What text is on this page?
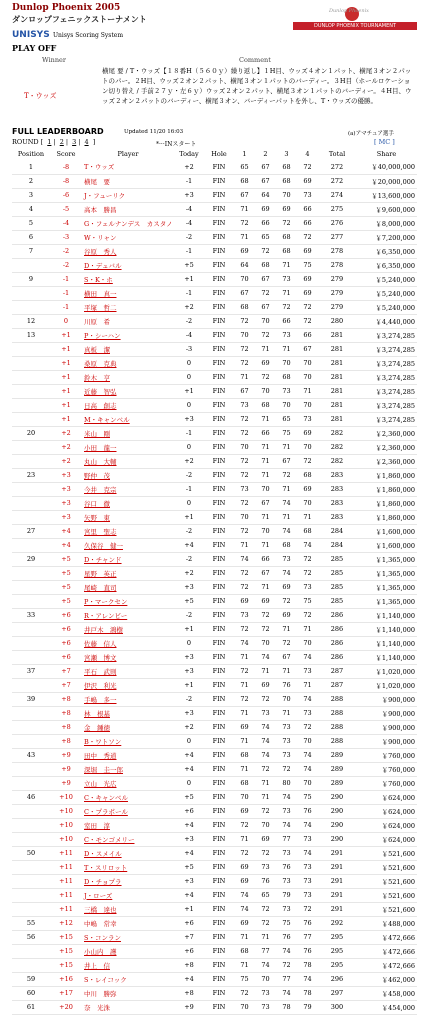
Dunlop Phoenix 2005
ダンロップフェニックストーナメント
Dunlop Phoenix
DUNLOP PHOENIX TOURNAMENT
UNISYS Unisys Scoring System
PLAY OFF
Winner	Comment
T・ウッズ
横尾 要 / T・ウッズ【１８番H（５６０ｙ）繰り返し】１H目、ウッズ４オン１パット、横尾３オン２パットのパー。２H目、ウッズ２オン２パット、横尾３オン１パットのバーディー。３H目（ホールロケーション切り替え / 手前２７ｙ・左６ｙ）ウッズ２オン２パット、横尾３オン１パットのバーディー。４H目、ウッズ２オン２パットのバーディー、横尾３オン、バーディーパットを外し、T・ウッズの優勝。
FULL LEADERBOARD	Updated 11/20 16:03	(a)アマチュア選手
ROUND [ 1 | 2 | 3 | 4 ]	*···INスタート	[ MC ]
Position	Score	Player	Today	Hole	1	2	3	4	Total	Share
1	-8	T・ウッズ	+2	FIN	65	67	68	72	272	￥40,000,000
2	-8	横尾　要	-1	FIN	68	67	68	69	272	￥20,000,000
3	-6	J・フューリク	+3	FIN	67	64	70	73	274	￥13,600,000
4	-5	高本　勝昌	-4	FIN	71	69	69	66	275	￥9,600,000
5	-4	G・フェルナンデス　カスタノ	-4	FIN	72	66	72	66	276	￥8,000,000
6	-3	W・リャン	-2	FIN	71	65	68	72	277	￥7,200,000
7	-2	谷原　秀人	-1	FIN	69	72	68	69	278	￥6,350,000
	-2	D・デュバル	+5	FIN	64	68	71	75	278	￥6,350,000
9	-1	S・K・ホ	+1	FIN	70	67	73	69	279	￥5,240,000
	-1	横田　真一	-1	FIN	67	72	71	69	279	￥5,240,000
	-1	平塚　哲二	+2	FIN	68	67	72	72	279	￥5,240,000
12	0	川原　希	-2	FIN	72	70	66	72	280	￥4,440,000
13	+1	P・シーハン	-4	FIN	70	72	73	66	281	￥3,274,285
	+1	真板　潔	-3	FIN	72	71	71	67	281	￥3,274,285
	+1	桑原　克典	0	FIN	72	69	70	70	281	￥3,274,285
	+1	鈴木　亨	0	FIN	71	72	68	70	281	￥3,274,285
	+1	近藤　智弘	+1	FIN	67	70	73	71	281	￥3,274,285
	+1	日高　創志	0	FIN	73	68	70	70	281	￥3,274,285
	+1	M・キャンベル	+3	FIN	72	71	65	73	281	￥3,274,285
20	+2	米山　剛	-1	FIN	72	66	75	69	282	￥2,360,000
	+2	小田　龍一	0	FIN	70	71	71	70	282	￥2,360,000
	+2	丸山　大輔	+2	FIN	72	71	67	72	282	￥2,360,000
23	+3	野仲　茂	-2	FIN	72	71	72	68	283	￥1,860,000
	+3	今井　克宗	-1	FIN	73	70	71	69	283	￥1,860,000
	+3	谷口　徹	0	FIN	72	67	74	70	283	￥1,860,000
	+3	矢野　東	+1	FIN	70	71	71	71	283	￥1,860,000
27	+4	宮里　聖志	-2	FIN	72	70	74	68	284	￥1,600,000
	+4	久保谷　健一	+4	FIN	71	71	68	74	284	￥1,600,000
29	+5	D・チャンド	-2	FIN	74	66	73	72	285	￥1,365,000
	+5	星野　英正	+2	FIN	72	67	74	72	285	￥1,365,000
	+5	尾崎　直司	+3	FIN	72	71	69	73	285	￥1,365,000
	+5	P・マークセン	+5	FIN	69	69	72	75	285	￥1,365,000
33	+6	R・アレンビー	-2	FIN	73	72	69	72	286	￥1,140,000
	+6	井戸木　鴻樹	+1	FIN	72	72	71	71	286	￥1,140,000
	+6	佐藤　信人	0	FIN	74	70	72	70	286	￥1,140,000
	+6	宮瀬　博文	+3	FIN	71	74	67	74	286	￥1,140,000
37	+7	平石　武則	+3	FIN	72	71	71	73	287	￥1,020,000
	+7	伊沢　利光	+1	FIN	71	69	76	71	287	￥1,020,000
39	+8	手嶋　多一	-2	FIN	72	72	70	74	288	￥900,000
	+8	林　根基	+3	FIN	71	73	71	73	288	￥900,000
	+8	金　鍾徳	+2	FIN	69	74	73	72	288	￥900,000
	+8	B・ワトソン	0	FIN	71	74	73	70	288	￥900,000
43	+9	田中　秀道	+4	FIN	68	74	73	74	289	￥760,000
	+9	深堀　圭一郎	+4	FIN	71	72	72	74	289	￥760,000
	+9	立山　光広	0	FIN	68	71	80	70	289	￥760,000
46	+10	C・キャンベル	+5	FIN	70	71	74	75	290	￥624,000
	+10	C・プラボール	+6	FIN	69	72	73	76	290	￥624,000
	+10	室田　淳	+4	FIN	72	70	74	74	290	￥624,000
	+10	C・モンゴメリー	+3	FIN	71	69	77	73	290	￥624,000
50	+11	D・スメイル	+4	FIN	72	72	73	74	291	￥521,600
	+11	T・スリロット	+5	FIN	69	73	76	73	291	￥521,600
	+11	D・チョプラ	+3	FIN	69	76	73	73	291	￥521,600
	+11	J・ローズ	+4	FIN	74	65	79	73	291	￥521,600
	+11	三橋　達也	+1	FIN	74	72	73	72	291	￥521,600
55	+12	中嶋　常幸	+6	FIN	69	72	75	76	292	￥488,000
56	+15	S・コンラン	+7	FIN	71	71	76	77	295	￥472,666
	+15	小山内　護	+6	FIN	68	77	74	76	295	￥472,666
	+15	井上　信	+8	FIN	71	74	72	78	295	￥472,666
59	+16	S・レイコック	+4	FIN	75	70	77	74	296	￥462,000
60	+17	中川　勝弥	+8	FIN	72	73	74	78	297	￥458,000
61	+20	奈　光洙	+9	FIN	70	73	78	79	300	￥454,000
